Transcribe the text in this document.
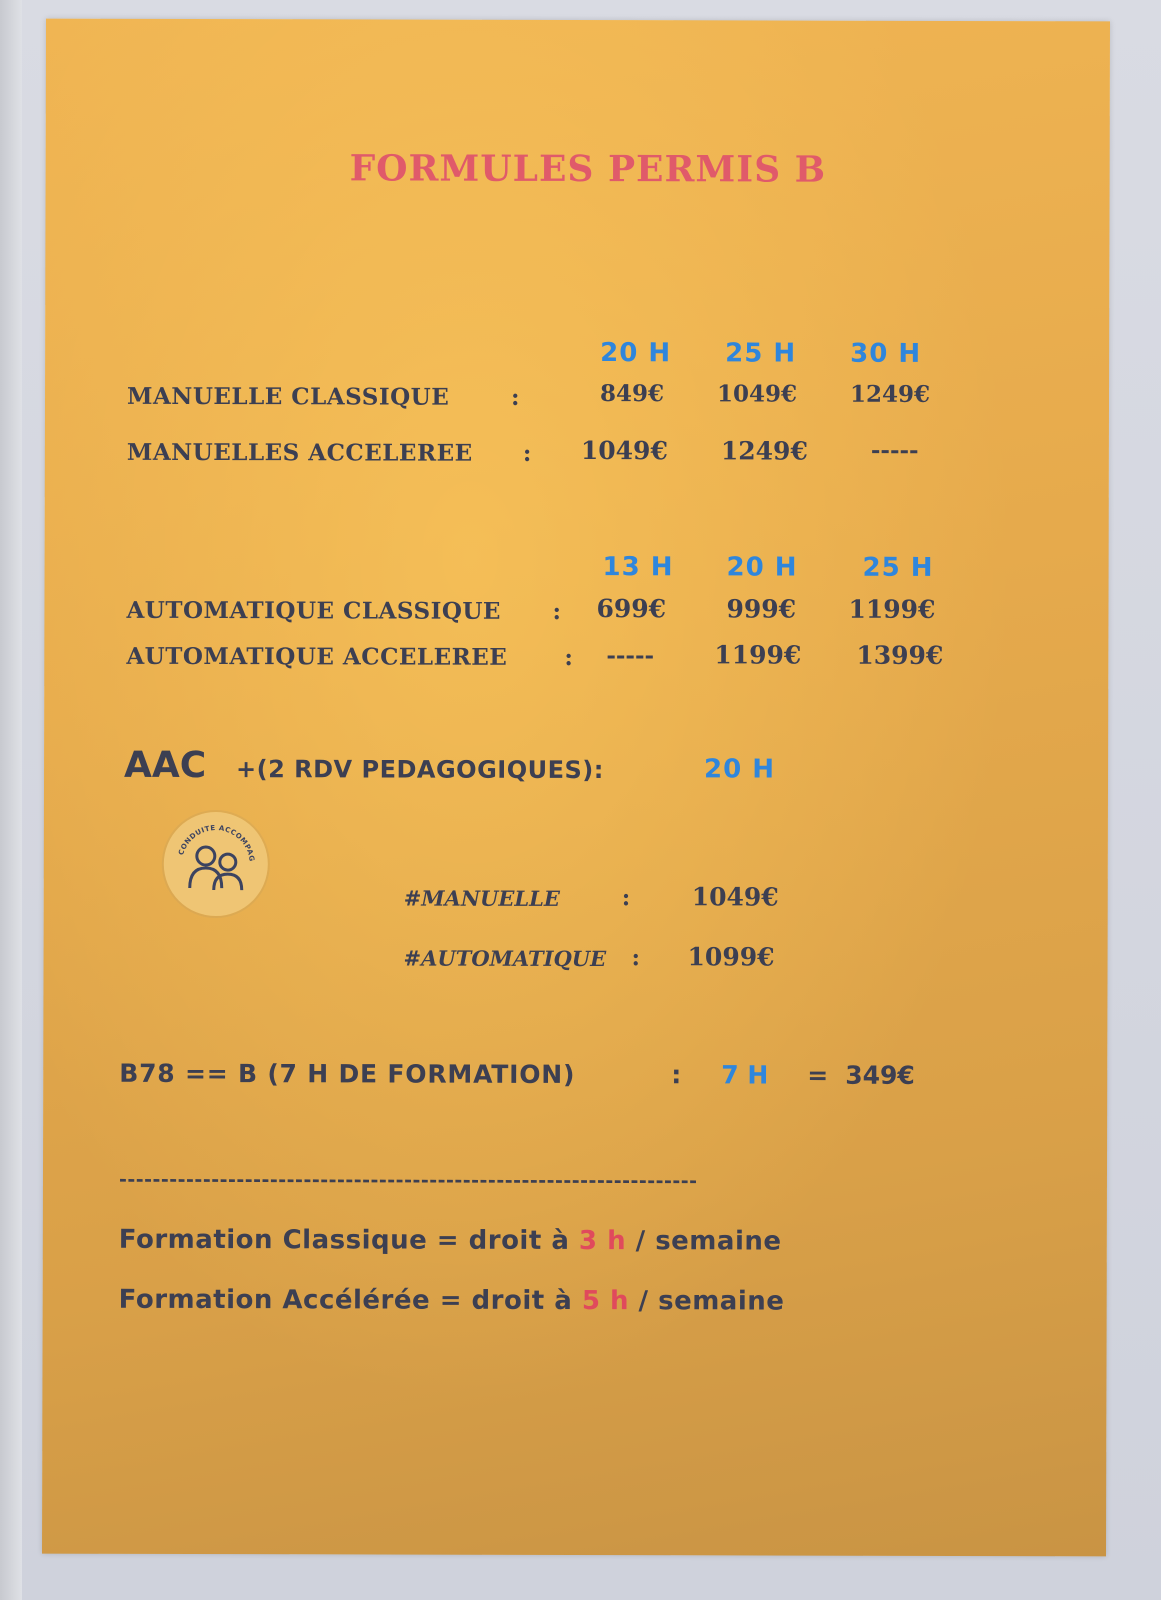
FORMULES PERMIS B
20 H 25 H 30 H
MANUELLE CLASSIQUE	:	849€ 1049€ 1249€
MANUELLES ACCELEREE : 1049€ 1249€	-----
13 H 20 H 25 H
AUTOMATIQUE CLASSIQUE : 699€ 999€ 1199€
AUTOMATIQUE ACCELEREE : ----- 1199€ 1399€
AAC +(2 RDV PEDAGOGIQUES):	20 H
CONDUITE ACCOMPAGNÉE
#MANUELLE	: 1049€
#AUTOMATIQUE : 1099€
B78 == B (7 H DE FORMATION)	: 7 H = 349€
---------------------------------------------------------------------
Formation Classique = droit à 3 h / semaine
Formation Accélérée = droit à 5 h / semaine
